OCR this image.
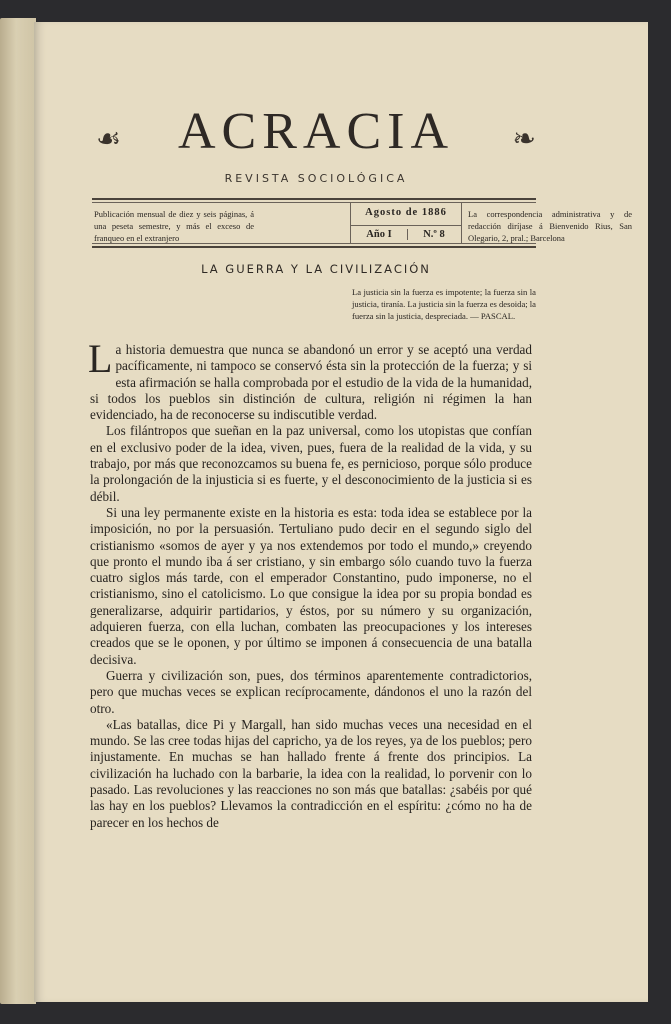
☙	ACRACIA	❧
REVISTA SOCIOLÓGICA
Publicación mensual de diez y seis páginas, á una peseta semestre, y más el exceso de franqueo en el extranjero
Agosto de 1886
Año I	N.º 8
La correspondencia administrativa y de redacción diríjase á Bienvenido Rius, San Olegario, 2, pral.; Barcelona
LA GUERRA Y LA CIVILIZACIÓN
La justicia sin la fuerza es impotente; la fuerza sin la justicia, tiranía. La justicia sin la fuerza es desoida; la fuerza sin la justicia, despreciada. — PASCAL.

La historia demuestra que nunca se abandonó un error y se aceptó una verdad pacíficamente, ni tampoco se conservó ésta sin la protección de la fuerza; y si esta afirmación se halla comprobada por el estudio de la vida de la humanidad, si todos los pueblos sin distinción de cultura, religión ni régimen la han evidenciado, ha de reconocerse su indiscutible verdad.

Los filántropos que sueñan en la paz universal, como los utopistas que confían en el exclusivo poder de la idea, viven, pues, fuera de la realidad de la vida, y su trabajo, por más que reconozcamos su buena fe, es pernicioso, porque sólo produce la prolongación de la injusticia si es fuerte, y el desconocimiento de la justicia si es débil.

Si una ley permanente existe en la historia es esta: toda idea se establece por la imposición, no por la persuasión. Tertuliano pudo decir en el segundo siglo del cristianismo «somos de ayer y ya nos extendemos por todo el mundo,» creyendo que pronto el mundo iba á ser cristiano, y sin embargo sólo cuando tuvo la fuerza cuatro siglos más tarde, con el emperador Constantino, pudo imponerse, no el cristianismo, sino el catolicismo. Lo que consigue la idea por su propia bondad es generalizarse, adquirir partidarios, y éstos, por su número y su organización, adquieren fuerza, con ella luchan, combaten las preocupaciones y los intereses creados que se le oponen, y por último se imponen á consecuencia de una batalla decisiva.

Guerra y civilización son, pues, dos términos aparentemente contradictorios, pero que muchas veces se explican recíprocamente, dándonos el uno la razón del otro.

«Las batallas, dice Pi y Margall, han sido muchas veces una necesidad en el mundo. Se las cree todas hijas del capricho, ya de los reyes, ya de los pueblos; pero injustamente. En muchas se han hallado frente á frente dos principios. La civilización ha luchado con la barbarie, la idea con la realidad, lo porvenir con lo pasado. Las revoluciones y las reacciones no son más que batallas: ¿sabéis por qué las hay en los pueblos? Llevamos la contradicción en el espíritu: ¿cómo no ha de parecer en los hechos de
